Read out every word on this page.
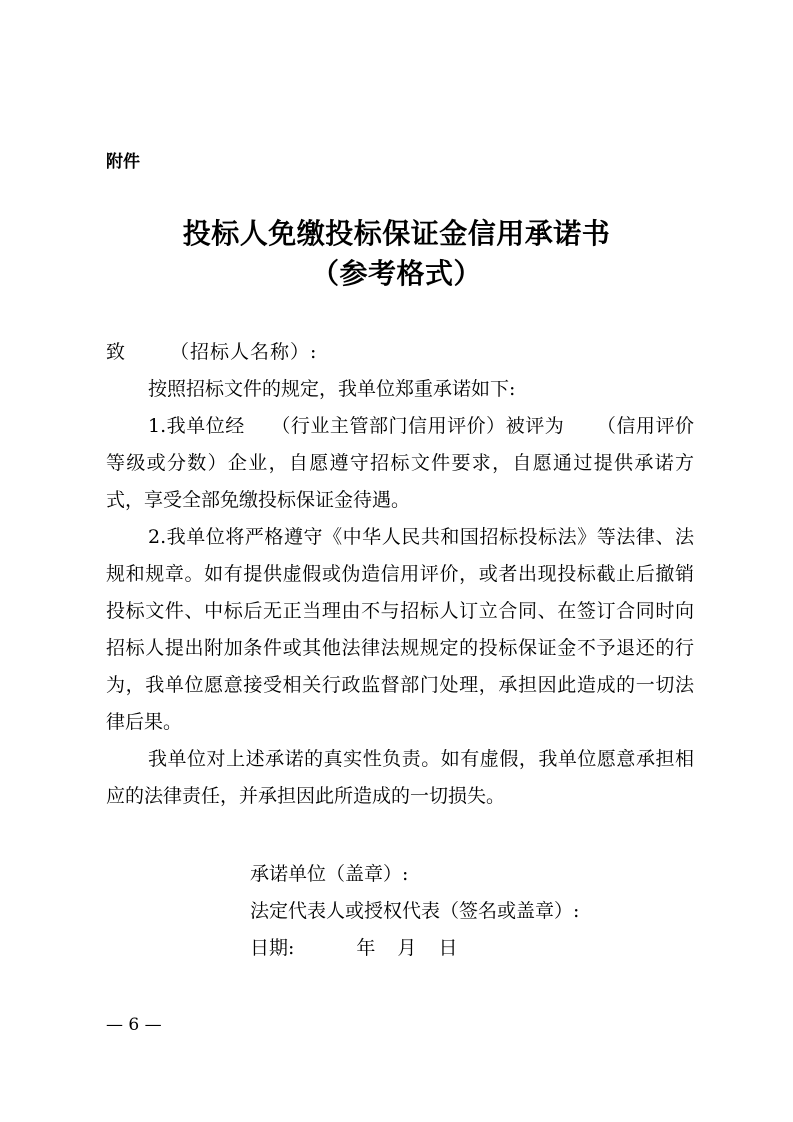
附件

投标人免缴投标保证金信用承诺书
（参考格式）

致 （招标人名称）:

按照招标文件的规定，我单位郑重承诺如下:

1.我单位经 （行业主管部门信用评价）被评为 （信用评价等级或分数）企业，自愿遵守招标文件要求，自愿通过提供承诺方式，享受全部免缴投标保证金待遇。

2.我单位将严格遵守《中华人民共和国招标投标法》等法律、法规和规章。如有提供虚假或伪造信用评价，或者出现投标截止后撤销投标文件、中标后无正当理由不与招标人订立合同、在签订合同时向招标人提出附加条件或其他法律法规规定的投标保证金不予退还的行为，我单位愿意接受相关行政监督部门处理，承担因此造成的一切法律后果。

我单位对上述承诺的真实性负责。如有虚假，我单位愿意承担相应的法律责任，并承担因此所造成的一切损失。

承诺单位（盖章）:

法定代表人或授权代表（签名或盖章）:

日期:	年 月 日

— 6 —
